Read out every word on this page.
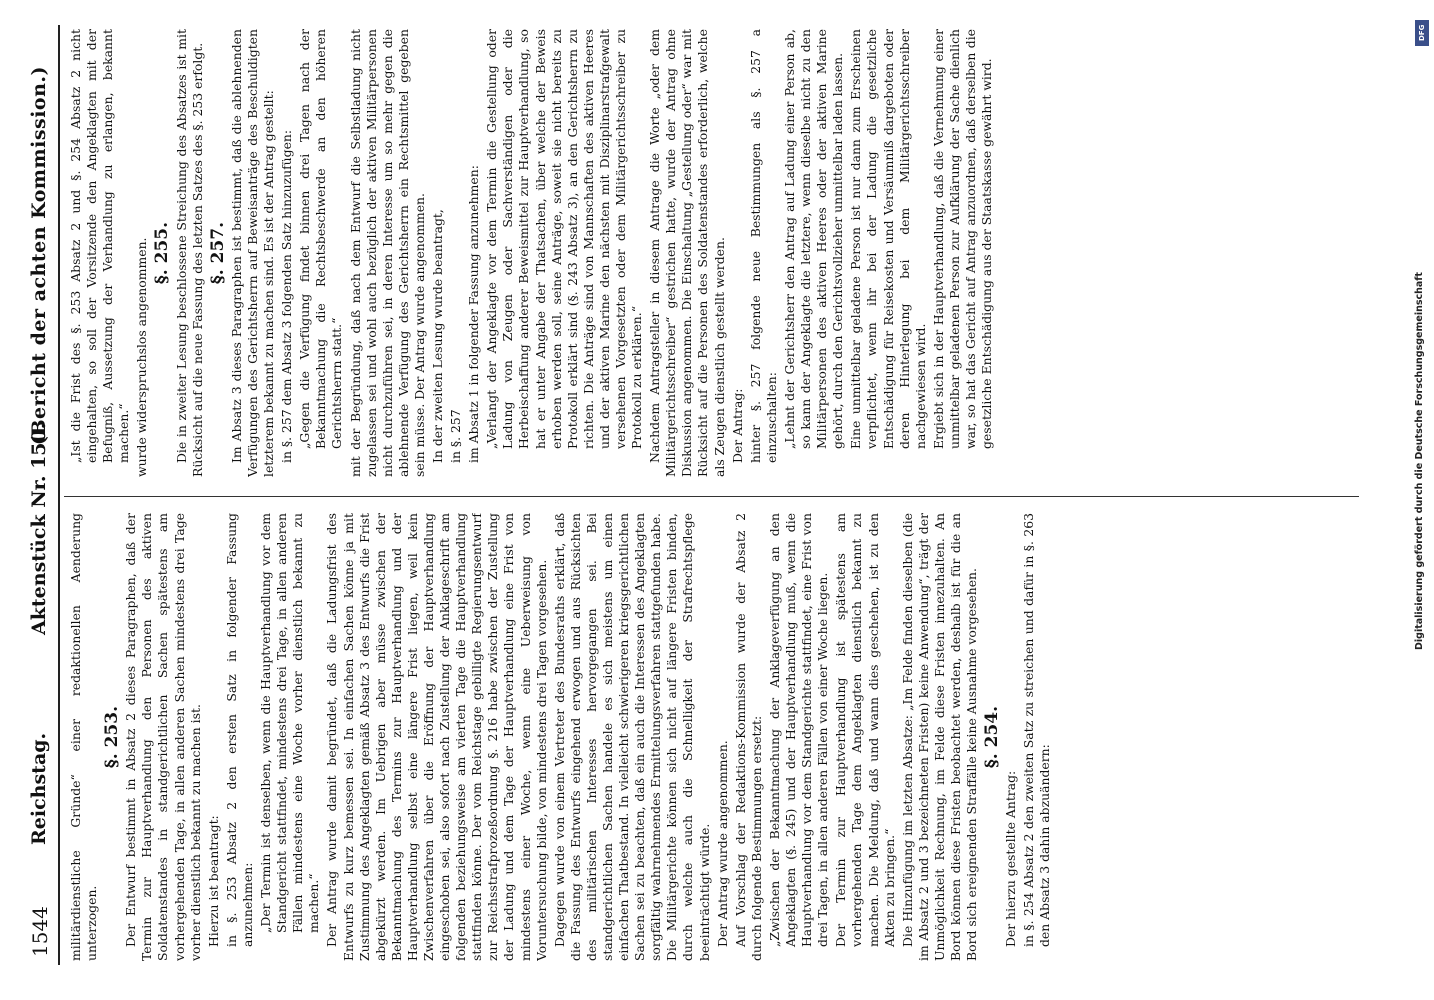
1544
Reichstag.
Aktenstück Nr. 150.
(Bericht der achten Kommission.)

militärdienstliche Gründe“ einer redaktionellen Aenderung unterzogen.

§. 253. Der Entwurf bestimmt in Absatz 2 dieses Paragraphen, daß der Termin zur Hauptverhandlung den Personen des aktiven Soldatenstandes in standgerichtlichen Sachen spätestens am vorhergehenden Tage, in allen anderen Sachen mindestens drei Tage vorher dienstlich bekannt zu machen ist. Hierzu ist beantragt: in §. 253 Absatz 2 den ersten Satz in folgender Fassung anzunehmen: „Der Termin ist denselben, wenn die Hauptverhandlung vor dem Standgericht stattfindet, mindestens drei Tage, in allen anderen Fällen mindestens eine Woche vorher dienstlich bekannt zu machen.“ Der Antrag wurde damit begründet, daß die Ladungsfrist des Entwurfs zu kurz bemessen sei. In einfachen Sachen könne ja mit Zustimmung des Angeklagten gemäß Absatz 3 des Entwurfs die Frist abgekürzt werden. Im Uebrigen aber müsse zwischen der Bekanntmachung des Termins zur Hauptverhandlung und der Hauptverhandlung selbst eine längere Frist liegen, weil kein Zwischenverfahren über die Eröffnung der Hauptverhandlung eingeschoben sei, also sofort nach Zustellung der Anklageschrift am folgenden beziehungsweise am vierten Tage die Hauptverhandlung stattfinden könne. Der vom Reichstage gebilligte Regierungsentwurf zur Reichsstrafprozeßordnung §. 216 habe zwischen der Zustellung der Ladung und dem Tage der Hauptverhandlung eine Frist von mindestens einer Woche, wenn eine Ueberweisung von Voruntersuchung bilde, von mindestens drei Tagen vorgesehen. Dagegen wurde von einem Vertreter des Bundesraths erklärt, daß die Fassung des Entwurfs eingehend erwogen und aus Rücksichten des militärischen Interesses hervorgegangen sei. Bei standgerichtlichen Sachen handele es sich meistens um einen einfachen Thatbestand. In vielleicht schwierigeren kriegsgerichtlichen Sachen sei zu beachten, daß ein auch die Interessen des Angeklagten sorgfältig wahrnehmendes Ermittelungsverfahren stattgefunden habe. Die Militärgerichte können sich nicht auf längere Fristen binden, durch welche auch die Schnelligkeit der Strafrechtspflege beeinträchtigt würde. Der Antrag wurde angenommen. Auf Vorschlag der Redaktions-Kommission wurde der Absatz 2 durch folgende Bestimmungen ersetzt: „Zwischen der Bekanntmachung der Anklageverfügung an den Angeklagten (§. 245) und der Hauptverhandlung muß, wenn die Hauptverhandlung vor dem Standgerichte stattfindet, eine Frist von drei Tagen, in allen anderen Fällen von einer Woche liegen. Der Termin zur Hauptverhandlung ist spätestens am vorhergehenden Tage dem Angeklagten dienstlich bekannt zu machen. Die Meldung, daß und wann dies geschehen, ist zu den Akten zu bringen.“ Die Hinzufügung im letzten Absatze: „Im Felde finden dieselben (die im Absatz 2 und 3 bezeichneten Fristen) keine Anwendung“, trägt der Unmöglichkeit Rechnung, im Felde diese Fristen innezuhalten. An Bord können diese Fristen beobachtet werden, deshalb ist für die an Bord sich ereignenden Straffälle keine Ausnahme vorgesehen. §. 254.

Der hierzu gestellte Antrag: in §. 254 Absatz 2 den zweiten Satz zu streichen und dafür in §. 263 den Absatz 3 dahin abzuändern:

„Ist die Frist des §. 253 Absatz 2 und §. 254 Absatz 2 nicht eingehalten, so soll der Vorsitzende den Angeklagten mit der Befugniß, Aussetzung der Verhandlung zu erlangen, bekannt machen.“ wurde widerspruchslos angenommen. §. 255. Die in zweiter Lesung beschlossene Streichung des Absatzes ist mit Rücksicht auf die neue Fassung des letzten Satzes des §. 253 erfolgt. §. 257. Im Absatz 3 dieses Paragraphen ist bestimmt, daß die ablehnenden Verfügungen des Gerichtsherrn auf Beweisanträge des Beschuldigten letzterem bekannt zu machen sind. Es ist der Antrag gestellt: in §. 257 dem Absatz 3 folgenden Satz hinzuzufügen: „Gegen die Verfügung findet binnen drei Tagen nach der Bekanntmachung die Rechtsbeschwerde an den höheren Gerichtsherrn statt.“ mit der Begründung, daß nach dem Entwurf die Selbstladung nicht zugelassen sei und wohl auch bezüglich der aktiven Militärpersonen nicht durchzuführen sei, in deren Interesse um so mehr gegen die ablehnende Verfügung des Gerichtsherrn ein Rechtsmittel gegeben sein müsse. Der Antrag wurde angenommen. In der zweiten Lesung wurde beantragt, in §. 257 im Absatz 1 in folgender Fassung anzunehmen: „Verlangt der Angeklagte vor dem Termin die Gestellung oder Ladung von Zeugen oder Sachverständigen oder die Herbeischaffung anderer Beweismittel zur Hauptverhandlung, so hat er unter Angabe der Thatsachen, über welche der Beweis erhoben werden soll, seine Anträge, soweit sie nicht bereits zu Protokoll erklärt sind (§. 243 Absatz 3), an den Gerichtsherrn zu richten. Die Anträge sind von Mannschaften des aktiven Heeres und der aktiven Marine den nächsten mit Disziplinarstrafgewalt versehenen Vorgesetzten oder dem Militärgerichtsschreiber zu Protokoll zu erklären.“ Nachdem Antragsteller in diesem Antrage die Worte „oder dem Militärgerichtsschreiber“ gestrichen hatte, wurde der Antrag ohne Diskussion angenommen. Die Einschaltung „Gestellung oder“ war mit Rücksicht auf die Personen des Soldatenstandes erforderlich, welche als Zeugen dienstlich gestellt werden. Der Antrag: hinter §. 257 folgende neue Bestimmungen als §. 257 a einzuschalten: „Lehnt der Gerichtsherr den Antrag auf Ladung einer Person ab, so kann der Angeklagte die letztere, wenn dieselbe nicht zu den Militärpersonen des aktiven Heeres oder der aktiven Marine gehört, durch den Gerichtsvollzieher unmittelbar laden lassen. Eine unmittelbar geladene Person ist nur dann zum Erscheinen verpflichtet, wenn ihr bei der Ladung die gesetzliche Entschädigung für Reisekosten und Versäumniß dargeboten oder deren Hinterlegung bei dem Militärgerichtsschreiber nachgewiesen wird. Ergiebt sich in der Hauptverhandlung, daß die Vernehmung einer unmittelbar geladenen Person zur Aufklärung der Sache dienlich war, so hat das Gericht auf Antrag anzuordnen, daß derselben die gesetzliche Entschädigung aus der Staatskasse gewährt wird.

DFG
Digitalisierung gefördert durch die Deutsche Forschungsgemeinschaft
